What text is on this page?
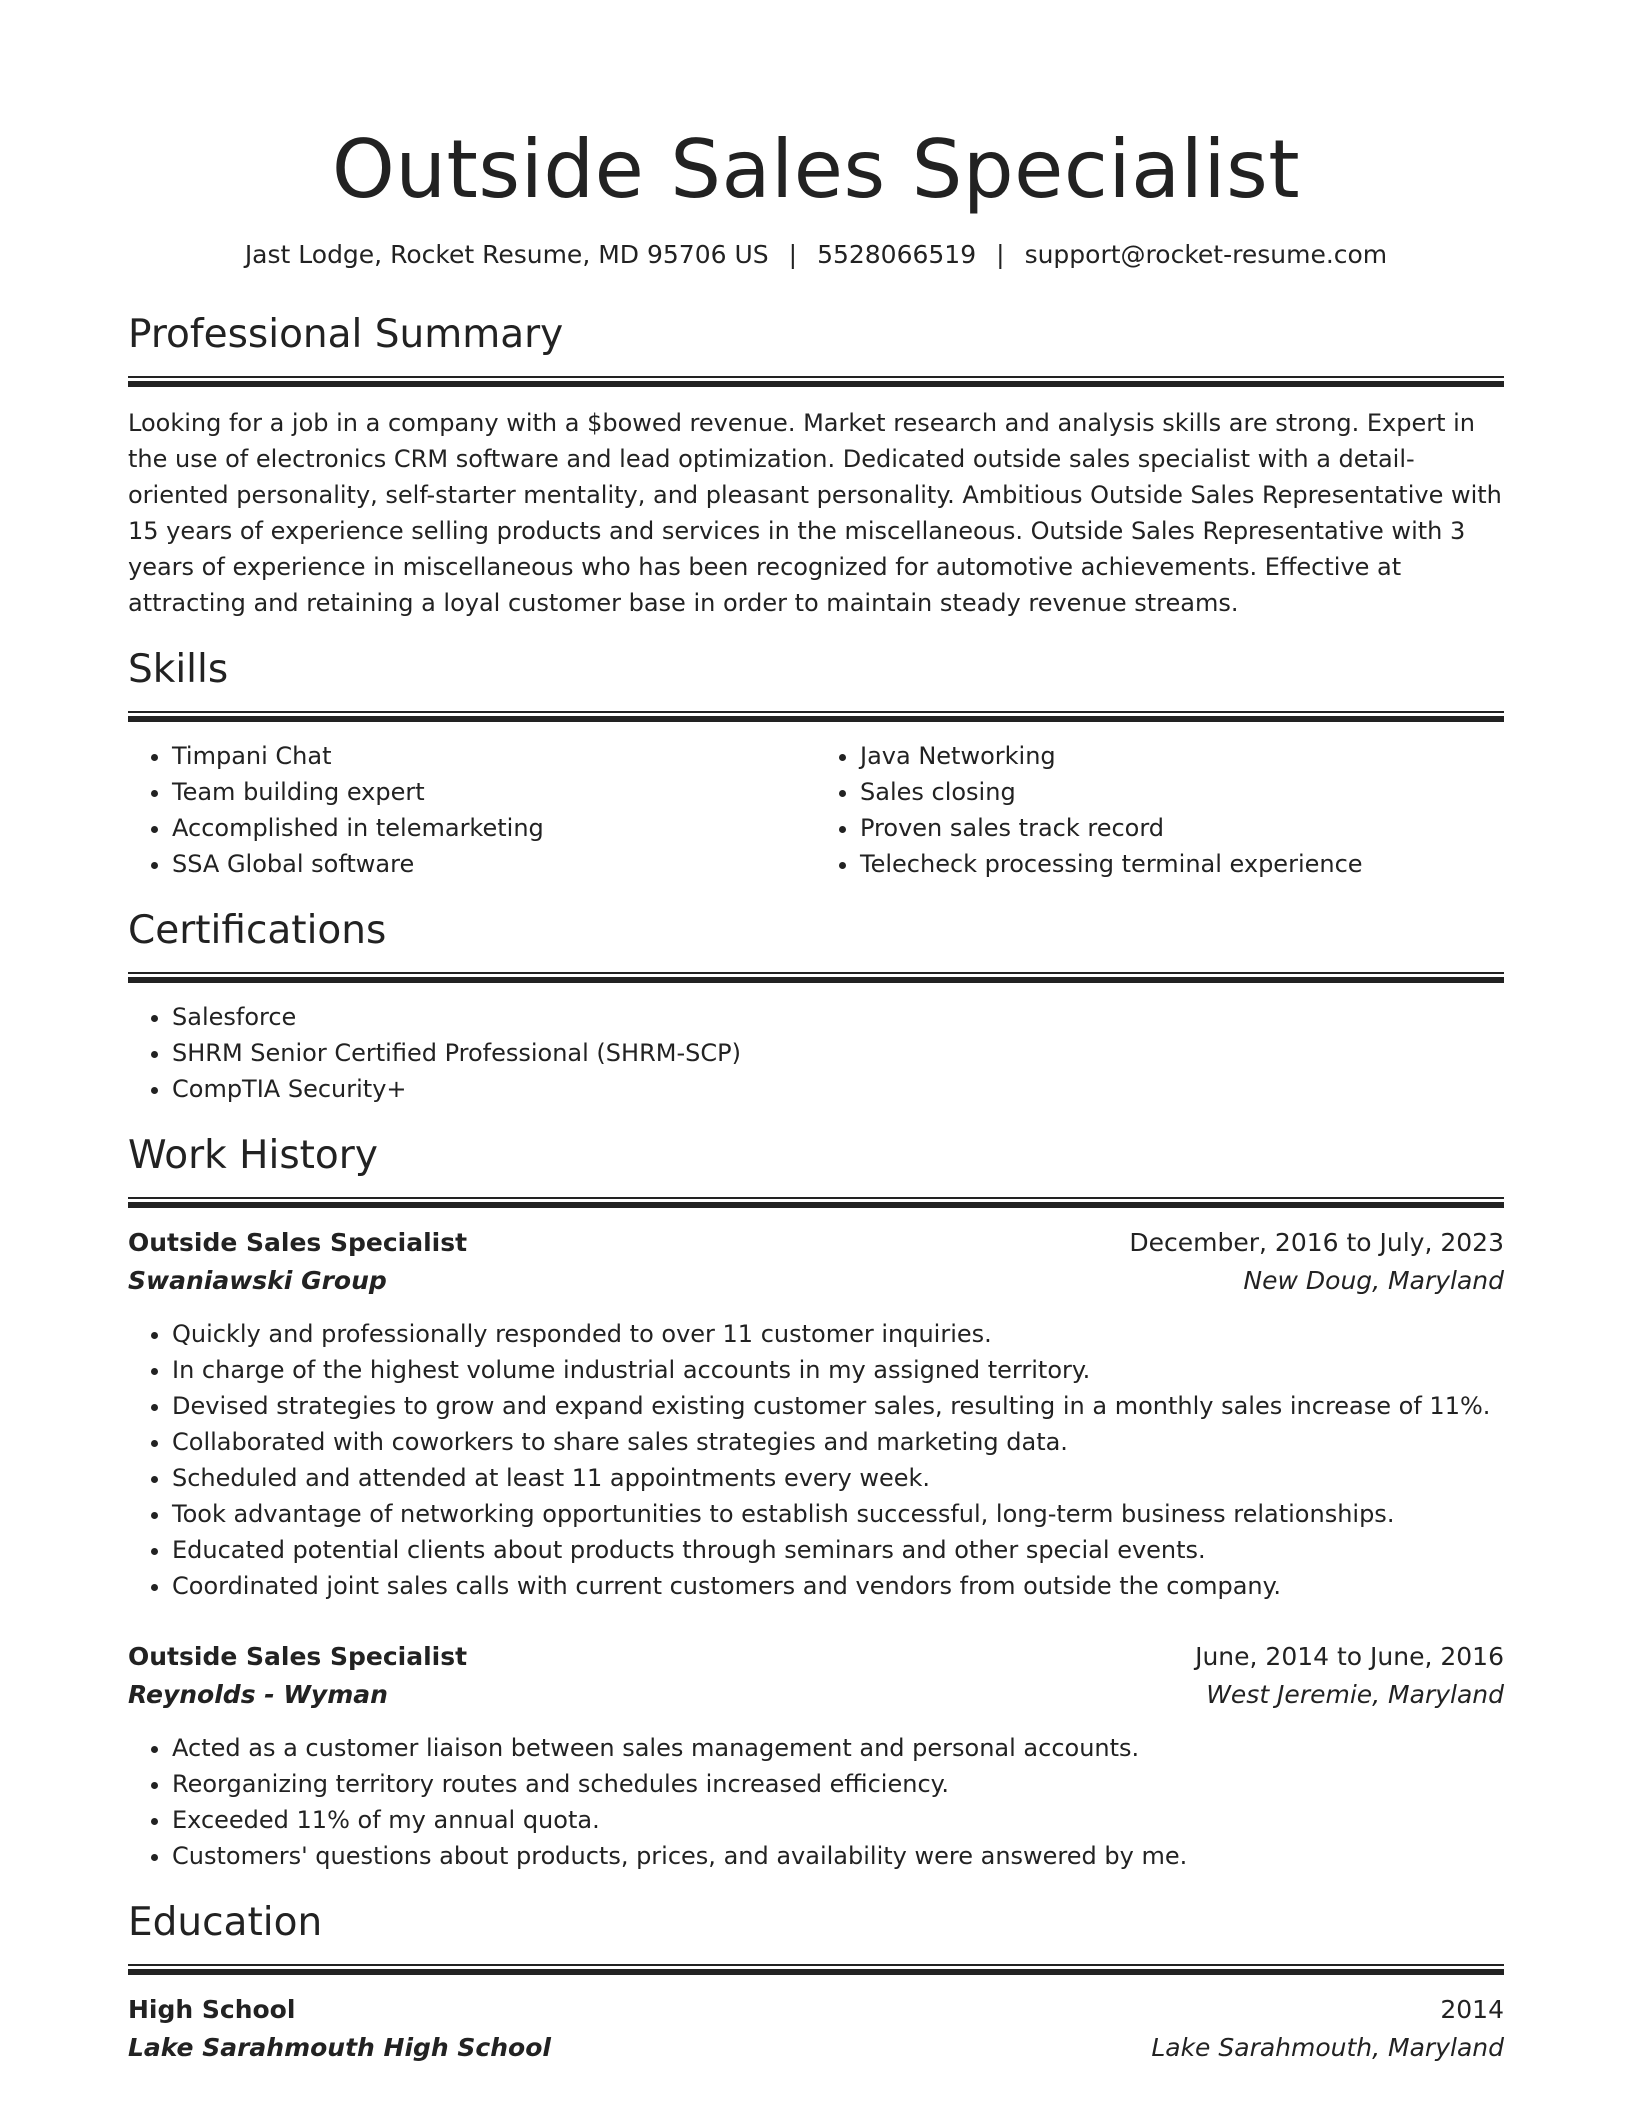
Outside Sales Specialist
Jast Lodge, Rocket Resume, MD 95706 US | 5528066519 | support@rocket-resume.com
Professional Summary
Looking for a job in a company with a $bowed revenue. Market research and analysis skills are strong. Expert in the use of electronics CRM software and lead optimization. Dedicated outside sales specialist with a detail-oriented personality, self-starter mentality, and pleasant personality. Ambitious Outside Sales Representative with 15 years of experience selling products and services in the miscellaneous. Outside Sales Representative with 3 years of experience in miscellaneous who has been recognized for automotive achievements. Effective at attracting and retaining a loyal customer base in order to maintain steady revenue streams.
Skills
• Timpani Chat
• Team building expert
• Accomplished in telemarketing
• SSA Global software
• Java Networking
• Sales closing
• Proven sales track record
• Telecheck processing terminal experience
Certifications
• Salesforce
• SHRM Senior Certified Professional (SHRM-SCP)
• CompTIA Security+
Work History
Outside Sales Specialist	December, 2016 to July, 2023
Swaniawski Group	New Doug, Maryland
• Quickly and professionally responded to over 11 customer inquiries.
• In charge of the highest volume industrial accounts in my assigned territory.
• Devised strategies to grow and expand existing customer sales, resulting in a monthly sales increase of 11%.
• Collaborated with coworkers to share sales strategies and marketing data.
• Scheduled and attended at least 11 appointments every week.
• Took advantage of networking opportunities to establish successful, long-term business relationships.
• Educated potential clients about products through seminars and other special events.
• Coordinated joint sales calls with current customers and vendors from outside the company.
Outside Sales Specialist	June, 2014 to June, 2016
Reynolds - Wyman	West Jeremie, Maryland
• Acted as a customer liaison between sales management and personal accounts.
• Reorganizing territory routes and schedules increased efficiency.
• Exceeded 11% of my annual quota.
• Customers' questions about products, prices, and availability were answered by me.
Education
High School	2014
Lake Sarahmouth High School	Lake Sarahmouth, Maryland
